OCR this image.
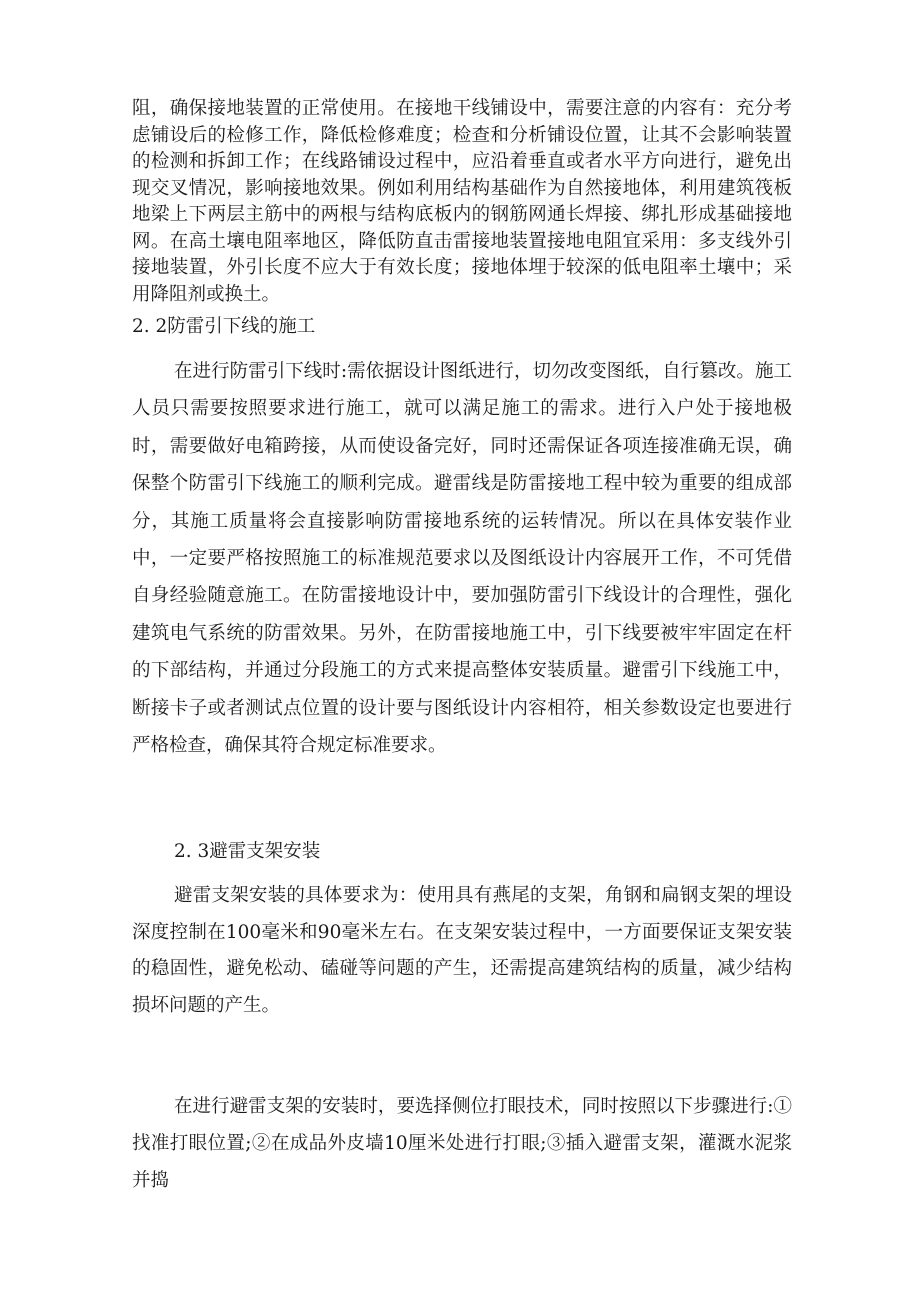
阻，确保接地装置的正常使用。在接地干线铺设中，需要注意的内容有：充分考虑铺设后的检修工作，降低检修难度；检查和分析铺设位置，让其不会影响装置的检测和拆卸工作；在线路铺设过程中，应沿着垂直或者水平方向进行，避免出现交叉情况，影响接地效果。例如利用结构基础作为自然接地体，利用建筑筏板地梁上下两层主筋中的两根与结构底板内的钢筋网通长焊接、绑扎形成基础接地网。在高土壤电阻率地区，降低防直击雷接地装置接地电阻宜采用：多支线外引接地装置，外引长度不应大于有效长度；接地体埋于较深的低电阻率土壤中；采用降阻剂或换土。

2. 2防雷引下线的施工

在进行防雷引下线时:需依据设计图纸进行，切勿改变图纸，自行篡改。施工人员只需要按照要求进行施工，就可以满足施工的需求。进行入户处于接地极时，需要做好电箱跨接，从而使设备完好，同时还需保证各项连接准确无误，确保整个防雷引下线施工的顺利完成。避雷线是防雷接地工程中较为重要的组成部分，其施工质量将会直接影响防雷接地系统的运转情况。所以在具体安装作业中，一定要严格按照施工的标准规范要求以及图纸设计内容展开工作，不可凭借自身经验随意施工。在防雷接地设计中，要加强防雷引下线设计的合理性，强化建筑电气系统的防雷效果。另外，在防雷接地施工中，引下线要被牢牢固定在杆的下部结构，并通过分段施工的方式来提高整体安装质量。避雷引下线施工中，断接卡子或者测试点位置的设计要与图纸设计内容相符，相关参数设定也要进行严格检查，确保其符合规定标准要求。

2. 3避雷支架安装

避雷支架安装的具体要求为：使用具有燕尾的支架，角钢和扁钢支架的埋设深度控制在100毫米和90毫米左右。在支架安装过程中，一方面要保证支架安装的稳固性，避免松动、磕碰等问题的产生，还需提高建筑结构的质量，减少结构损坏问题的产生。

在进行避雷支架的安装时，要选择侧位打眼技术，同时按照以下步骤进行:①找准打眼位置;②在成品外皮墙10厘米处进行打眼;③插入避雷支架，灌溉水泥浆并捣
